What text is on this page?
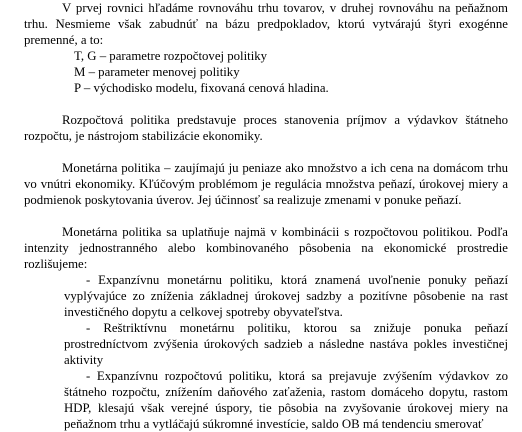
V prvej rovnici hľadáme rovnováhu trhu tovarov, v druhej rovnováhu na peňažnom trhu. Nesmieme však zabudnúť na bázu predpokladov, ktorú vytvárajú štyri exogénne premenné, a to:

T, G – parametre rozpočtovej politiky

M – parameter menovej politiky

P – východisko modelu, fixovaná cenová hladina.

Rozpočtová politika predstavuje proces stanovenia príjmov a výdavkov štátneho rozpočtu, je nástrojom stabilizácie ekonomiky.

Monetárna politika – zaujímajú ju peniaze ako množstvo a ich cena na domácom trhu vo vnútri ekonomiky. Kľúčovým problémom je regulácia množstva peňazí, úrokovej miery a podmienok poskytovania úverov. Jej účinnosť sa realizuje zmenami v ponuke peňazí.

Monetárna politika sa uplatňuje najmä v kombinácii s rozpočtovou politikou. Podľa intenzity jednostranného alebo kombinovaného pôsobenia na ekonomické prostredie rozlišujeme:

- Expanzívnu monetárnu politiku, ktorá znamená uvoľnenie ponuky peňazí vyplývajúce zo zníženia základnej úrokovej sadzby a pozitívne pôsobenie na rast investičného dopytu a celkovej spotreby obyvateľstva.

- Reštriktívnu monetárnu politiku, ktorou sa znižuje ponuka peňazí prostredníctvom zvýšenia úrokových sadzieb a následne nastáva pokles investičnej aktivity

- Expanzívnu rozpočtovú politiku, ktorá sa prejavuje zvýšením výdavkov zo štátneho rozpočtu, znížením daňového zaťaženia, rastom domáceho dopytu, rastom HDP, klesajú však verejné úspory, tie pôsobia na zvyšovanie úrokovej miery na peňažnom trhu a vytláčajú súkromné investície, saldo OB má tendenciu smerovať
